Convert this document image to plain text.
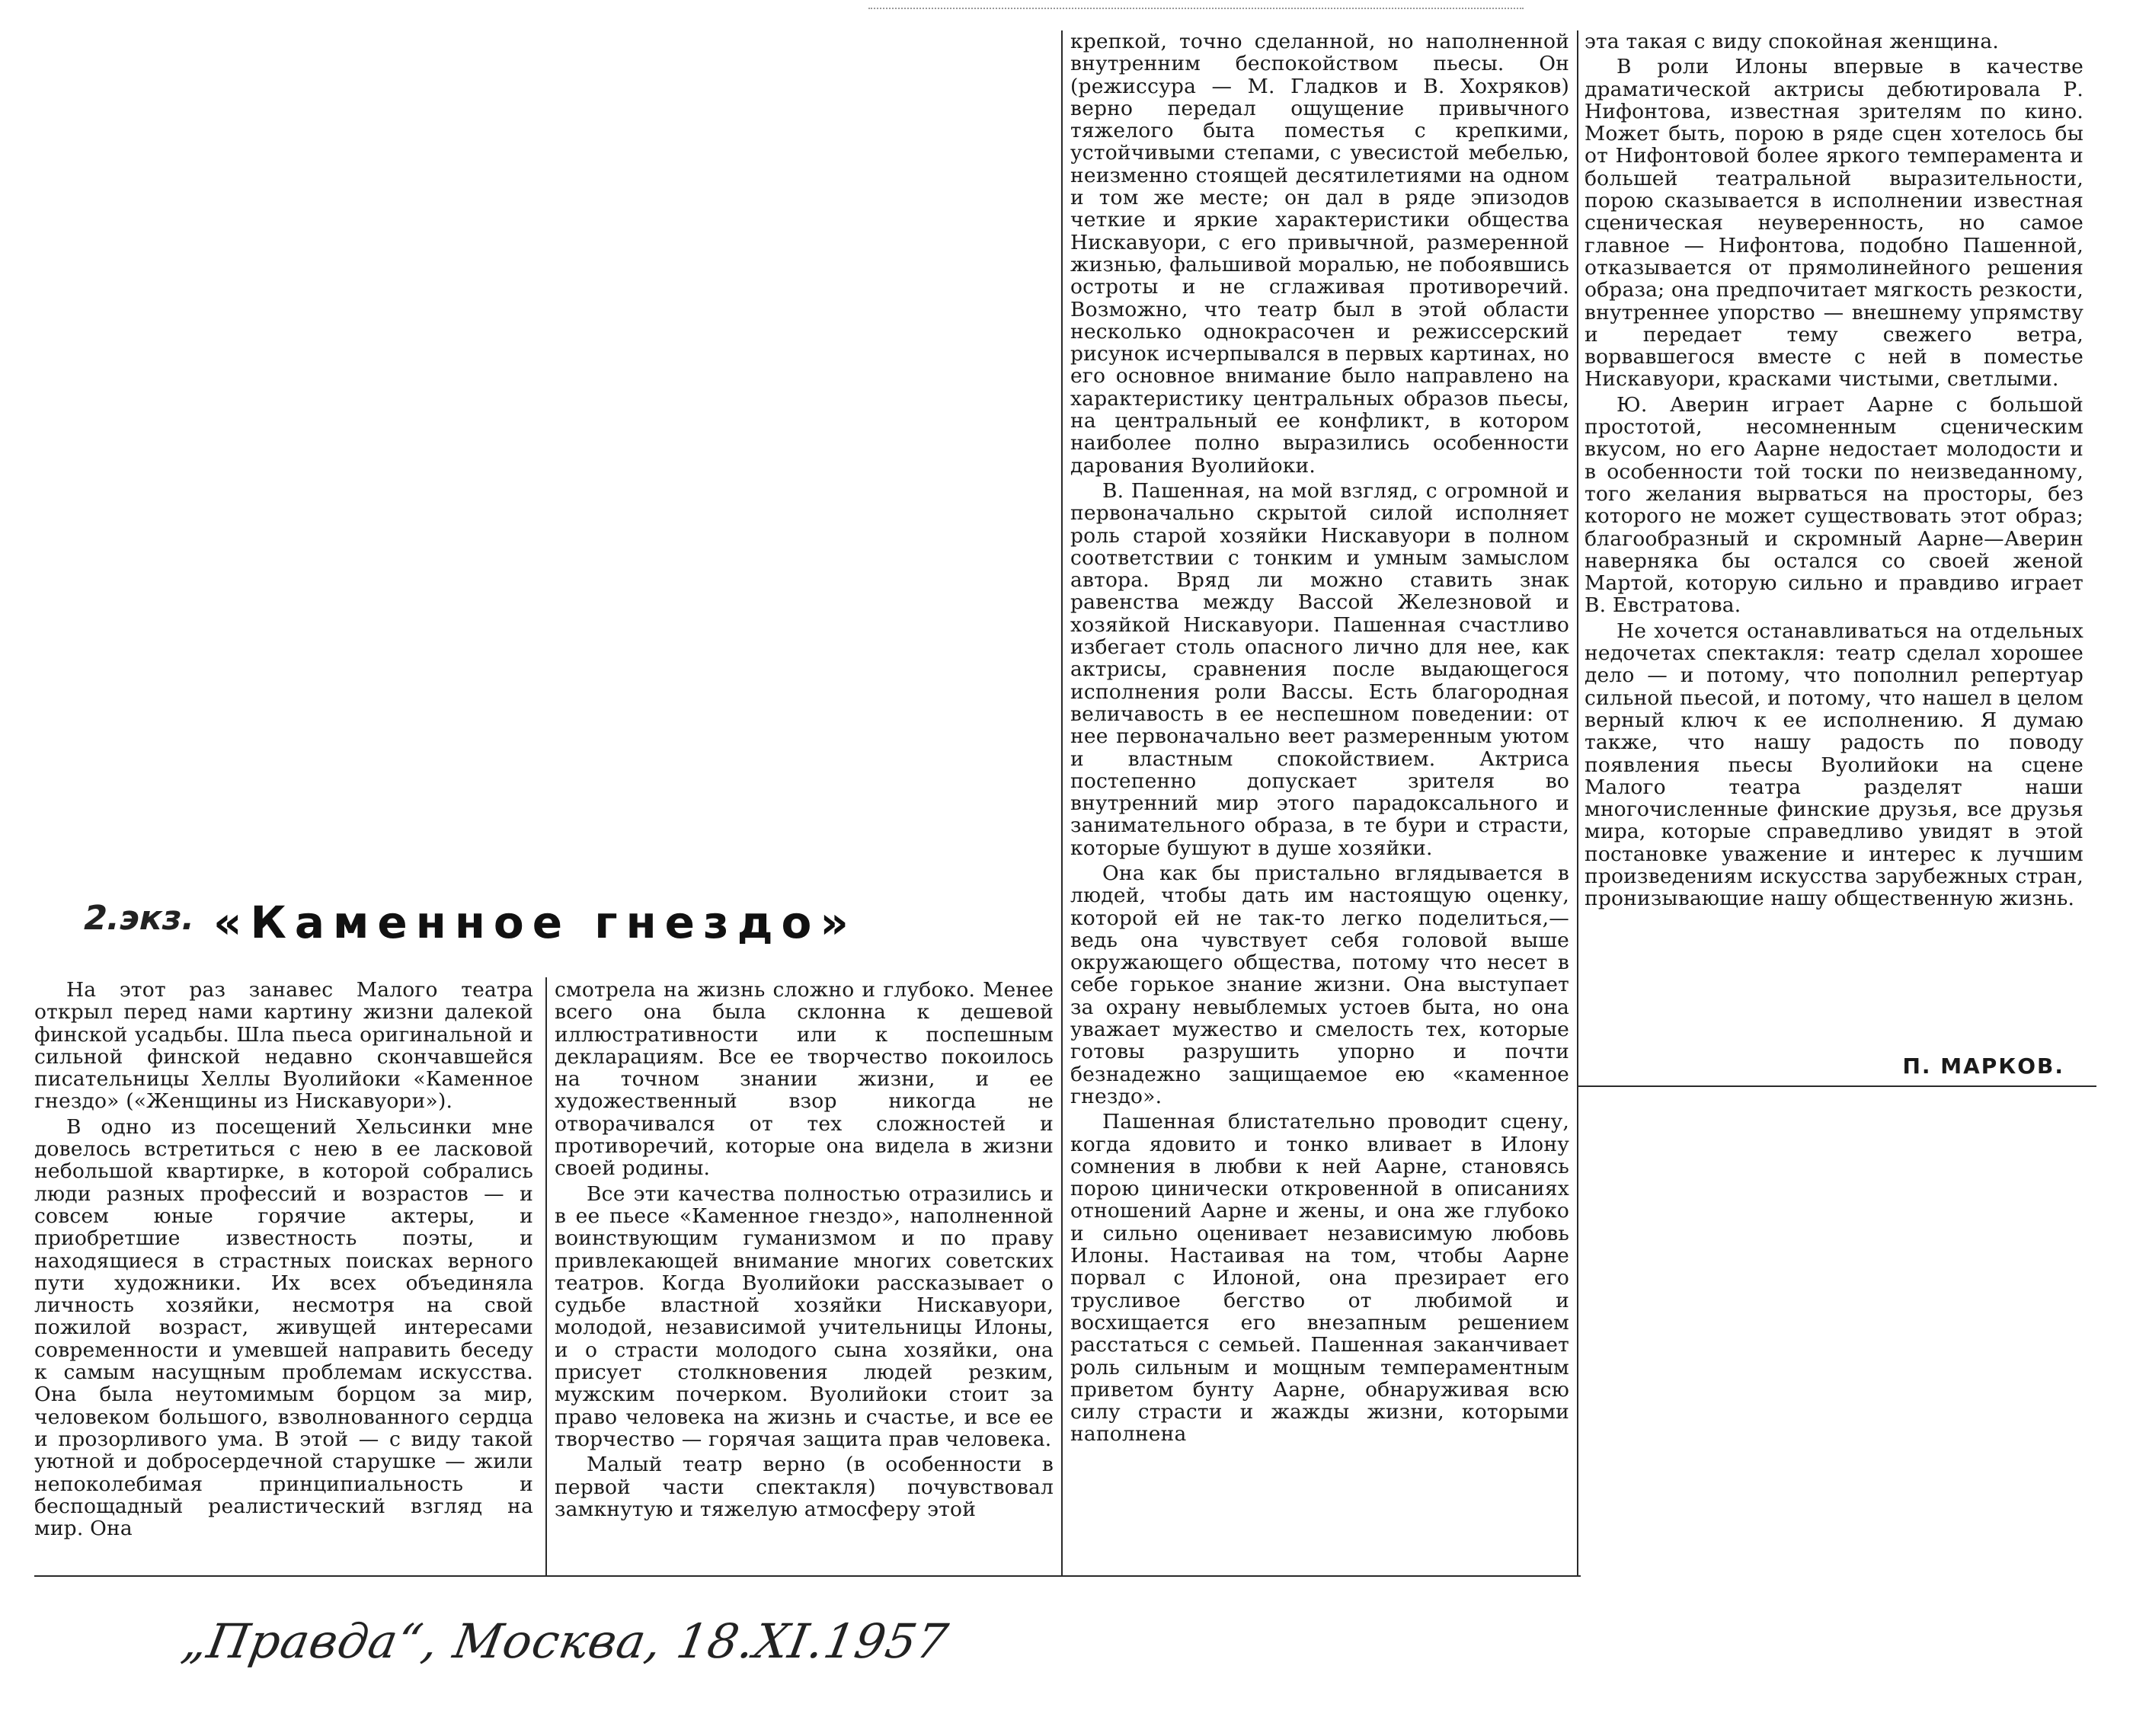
2.экз. «Каменное гнездо»

На этот раз занавес Малого театра открыл перед нами картину жизни далекой финской усадьбы. Шла пьеса оригинальной и сильной финской недавно скончавшейся писательницы Хеллы Вуолийоки «Каменное гнездо» («Женщины из Нискавуори»).

В одно из посещений Хельсинки мне довелось встретиться с нею в ее ласковой небольшой квартирке, в которой собрались люди разных профессий и возрастов — и совсем юные горячие актеры, и приобретшие известность поэты, и находящиеся в страстных поисках верного пути художники. Их всех объединяла личность хозяйки, несмотря на свой пожилой возраст, живущей интересами современности и умевшей направить беседу к самым насущным проблемам искусства. Она была неутомимым борцом за мир, человеком большого, взволнованного сердца и прозорливого ума. В этой — с виду такой уютной и добросердечной старушке — жили непоколебимая принципиальность и беспощадный реалистический взгляд на мир. Она

смотрела на жизнь сложно и глубоко. Менее всего она была склонна к дешевой иллюстративности или к поспешным декларациям. Все ее творчество покоилось на точном знании жизни, и ее художественный взор никогда не отворачивался от тех сложностей и противоречий, которые она видела в жизни своей родины.

Все эти качества полностью отразились и в ее пьесе «Каменное гнездо», наполненной воинствующим гуманизмом и по праву привлекающей внимание многих советских театров. Когда Вуолийоки рассказывает о судьбе властной хозяйки Нискавуори, молодой, независимой учительницы Илоны, и о страсти молодого сына хозяйки, она присует столкновения людей резким, мужским почерком. Вуолийоки стоит за право человека на жизнь и счастье, и все ее творчество — горячая защита прав человека.

Малый театр верно (в особенности в первой части спектакля) почувствовал замкнутую и тяжелую атмосферу этой

крепкой, точно сделанной, но наполненной внутренним беспокойством пьесы. Он (режиссура — М. Гладков и В. Хохряков) верно передал ощущение привычного тяжелого быта поместья с крепкими, устойчивыми степами, с увесистой мебелью, неизменно стоящей десятилетиями на одном и том же месте; он дал в ряде эпизодов четкие и яркие характеристики общества Нискавуори, с его привычной, размеренной жизнью, фальшивой моралью, не побоявшись остроты и не сглаживая противоречий. Возможно, что театр был в этой области несколько однокрасочен и режиссерский рисунок исчерпывался в первых картинах, но его основное внимание было направлено на характеристику центральных образов пьесы, на центральный ее конфликт, в котором наиболее полно выразились особенности дарования Вуолийоки.

В. Пашенная, на мой взгляд, с огромной и первоначально скрытой силой исполняет роль старой хозяйки Нискавуори в полном соответствии с тонким и умным замыслом автора. Вряд ли можно ставить знак равенства между Вассой Железновой и хозяйкой Нискавуори. Пашенная счастливо избегает столь опасного лично для нее, как актрисы, сравнения после выдающегося исполнения роли Вассы. Есть благородная величавость в ее неспешном поведении: от нее первоначально веет размеренным уютом и властным спокойствием. Актриса постепенно допускает зрителя во внутренний мир этого парадоксального и занимательного образа, в те бури и страсти, которые бушуют в душе хозяйки.

Она как бы пристально вглядывается в людей, чтобы дать им настоящую оценку, которой ей не так-то легко поделиться,— ведь она чувствует себя головой выше окружающего общества, потому что несет в себе горькое знание жизни. Она выступает за охрану невыблемых устоев быта, но она уважает мужество и смелость тех, которые готовы разрушить упорно и почти безнадежно защищаемое ею «каменное гнездо».

Пашенная блистательно проводит сцену, когда ядовито и тонко вливает в Илону сомнения в любви к ней Аарне, становясь порою цинически откровенной в описаниях отношений Аарне и жены, и она же глубоко и сильно оценивает независимую любовь Илоны. Настаивая на том, чтобы Аарне порвал с Илоной, она презирает его трусливое бегство от любимой и восхищается его внезапным решением расстаться с семьей. Пашенная заканчивает роль сильным и мощным темпераментным приветом бунту Аарне, обнаруживая всю силу страсти и жажды жизни, которыми наполнена

эта такая с виду спокойная женщина.

В роли Илоны впервые в качестве драматической актрисы дебютировала Р. Нифонтова, известная зрителям по кино. Может быть, порою в ряде сцен хотелось бы от Нифонтовой более яркого темперамента и большей театральной выразительности, порою сказывается в исполнении известная сценическая неуверенность, но самое главное — Нифонтова, подобно Пашенной, отказывается от прямолинейного решения образа; она предпочитает мягкость резкости, внутреннее упорство — внешнему упрямству и передает тему свежего ветра, ворвавшегося вместе с ней в поместье Нискавуори, красками чистыми, светлыми.

Ю. Аверин играет Аарне с большой простотой, несомненным сценическим вкусом, но его Аарне недостает молодости и в особенности той тоски по неизведанному, того желания вырваться на просторы, без которого не может существовать этот образ; благообразный и скромный Аарне—Аверин наверняка бы остался со своей женой Мартой, которую сильно и правдиво играет В. Евстратова.

Не хочется останавливаться на отдельных недочетах спектакля: театр сделал хорошее дело — и потому, что пополнил репертуар сильной пьесой, и потому, что нашел в целом верный ключ к ее исполнению. Я думаю также, что нашу радость по поводу появления пьесы Вуолийоки на сцене Малого театра разделят наши многочисленные финские друзья, все друзья мира, которые справедливо увидят в этой постановке уважение и интерес к лучшим произведениям искусства зарубежных стран, пронизывающие нашу общественную жизнь.

П. МАРКОВ.
„Правда“, Москва, 18.XI.1957
